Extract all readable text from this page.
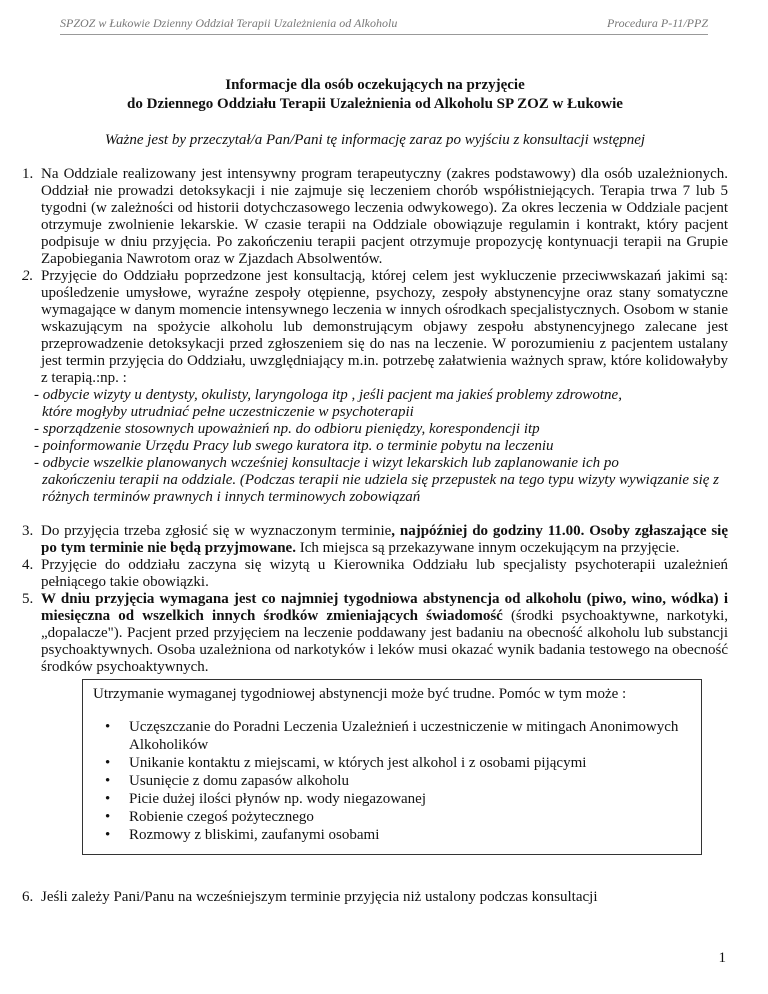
SPZOZ w Łukowie Dzienny Oddział Terapii Uzależnienia od Alkoholu	Procedura P-11/PPZ
Informacje dla osób oczekujących na przyjęcie
do Dziennego Oddziału Terapii Uzależnienia od Alkoholu SP ZOZ w Łukowie
Ważne jest by przeczytał/a Pan/Pani tę informację zaraz po wyjściu z konsultacji wstępnej
1. Na Oddziale realizowany jest intensywny program terapeutyczny (zakres podstawowy) dla osób uzależnionych. Oddział nie prowadzi detoksykacji i nie zajmuje się leczeniem chorób współistniejących. Terapia trwa 7 lub 5 tygodni (w zależności od historii dotychczasowego leczenia odwykowego). Za okres leczenia w Oddziale pacjent otrzymuje zwolnienie lekarskie. W czasie terapii na Oddziale obowiązuje regulamin i kontrakt, który pacjent podpisuje w dniu przyjęcia. Po zakończeniu terapii pacjent otrzymuje propozycję kontynuacji terapii na Grupie Zapobiegania Nawrotom oraz w Zjazdach Absolwentów.
2. Przyjęcie do Oddziału poprzedzone jest konsultacją, której celem jest wykluczenie przeciwwskazań jakimi są: upośledzenie umysłowe, wyraźne zespoły otępienne, psychozy, zespoły abstynencyjne oraz stany somatyczne wymagające w danym momencie intensywnego leczenia w innych ośrodkach specjalistycznych. Osobom w stanie wskazującym na spożycie alkoholu lub demonstrującym objawy zespołu abstynencyjnego zalecane jest przeprowadzenie detoksykacji przed zgłoszeniem się do nas na leczenie. W porozumieniu z pacjentem ustalany jest termin przyjęcia do Oddziału, uwzględniający m.in. potrzebę załatwienia ważnych spraw, które kolidowałyby z terapią.:np. :
- odbycie wizyty u dentysty, okulisty, laryngologa itp , jeśli pacjent ma jakieś problemy zdrowotne,
które mogłyby utrudniać pełne uczestniczenie w psychoterapii
- sporządzenie stosownych upoważnień np. do odbioru pieniędzy, korespondencji itp
- poinformowanie Urzędu Pracy lub swego kuratora itp. o terminie pobytu na leczeniu
- odbycie wszelkie planowanych wcześniej konsultacje i wizyt lekarskich lub zaplanowanie ich po
zakończeniu terapii na oddziale. (Podczas terapii nie udziela się przepustek na tego typu wizyty wywiązanie się z różnych terminów prawnych i innych terminowych zobowiązań
3. Do przyjęcia trzeba zgłosić się w wyznaczonym terminie, najpóźniej do godziny 11.00. Osoby zgłaszające się po tym terminie nie będą przyjmowane. Ich miejsca są przekazywane innym oczekującym na przyjęcie.
4. Przyjęcie do oddziału zaczyna się wizytą u Kierownika Oddziału lub specjalisty psychoterapii uzależnień pełniącego takie obowiązki.
5. W dniu przyjęcia wymagana jest co najmniej tygodniowa abstynencja od alkoholu (piwo, wino, wódka) i miesięczna od wszelkich innych środków zmieniających świadomość (środki psychoaktywne, narkotyki, „dopalacze"). Pacjent przed przyjęciem na leczenie poddawany jest badaniu na obecność alkoholu lub substancji psychoaktywnych. Osoba uzależniona od narkotyków i leków musi okazać wynik badania testowego na obecność środków psychoaktywnych.
Utrzymanie wymaganej tygodniowej abstynencji może być trudne. Pomóc w tym może :
• Uczęszczanie do Poradni Leczenia Uzależnień i uczestniczenie w mitingach Anonimowych Alkoholików
• Unikanie kontaktu z miejscami, w których jest alkohol i z osobami pijącymi
• Usunięcie z domu zapasów alkoholu
• Picie dużej ilości płynów np. wody niegazowanej
• Robienie czegoś pożytecznego
• Rozmowy z bliskimi, zaufanymi osobami
6. Jeśli zależy Pani/Panu na wcześniejszym terminie przyjęcia niż ustalony podczas konsultacji
1
